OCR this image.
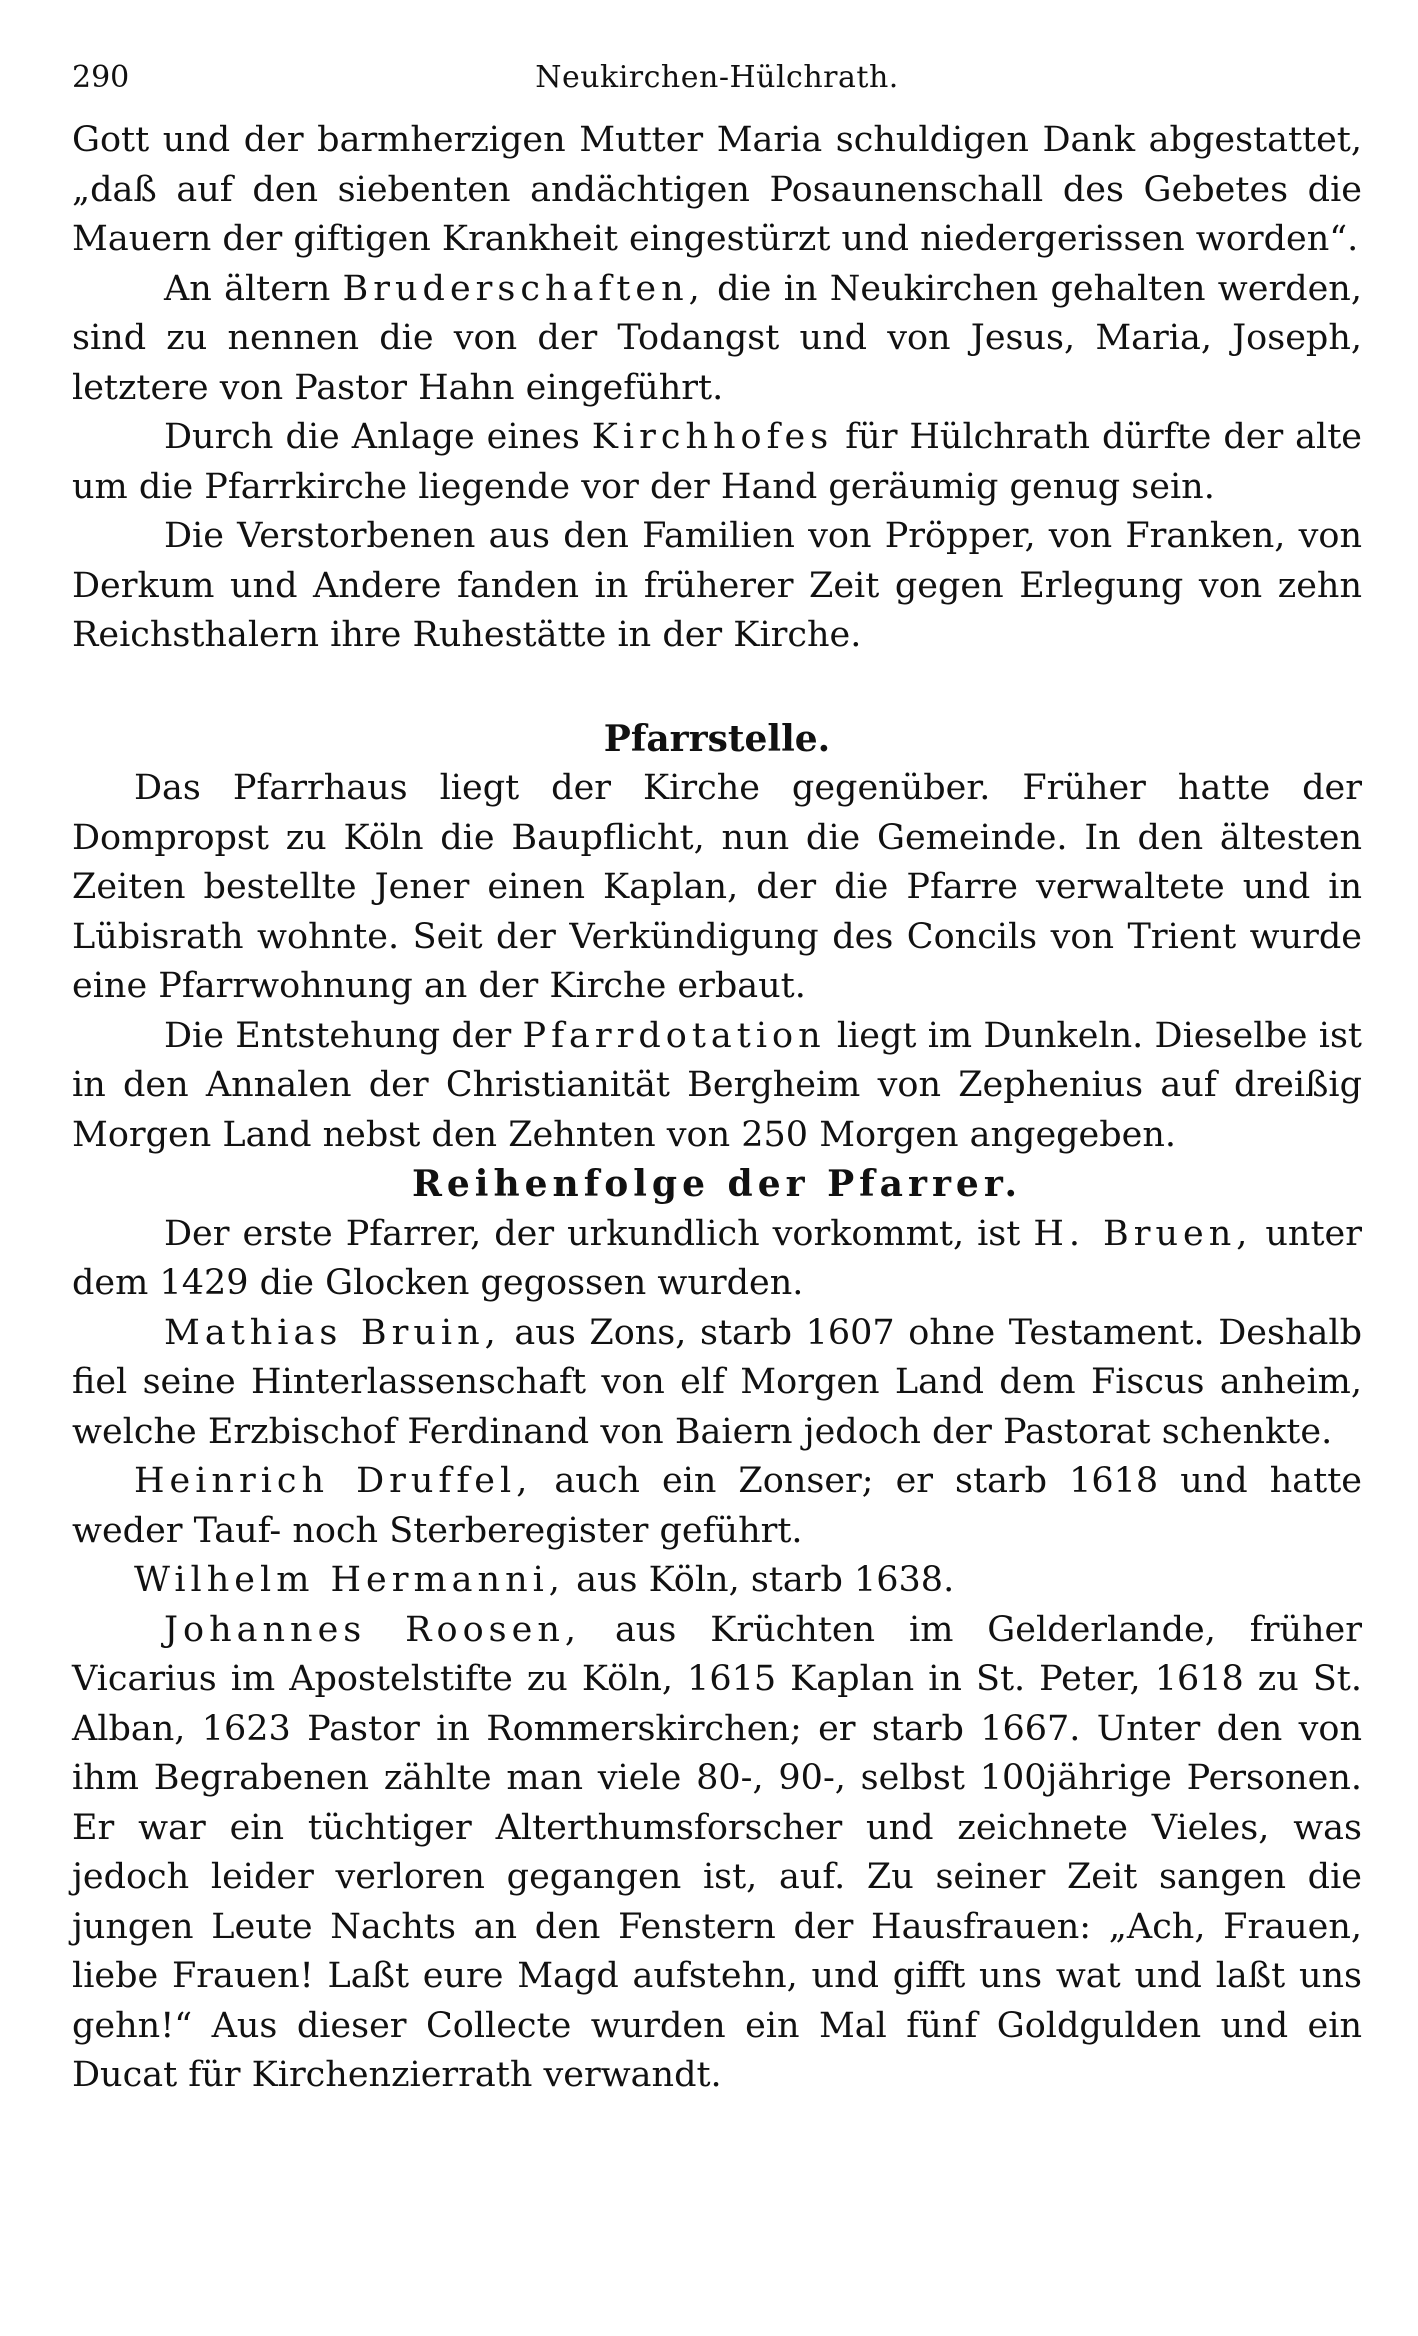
290	Neukirchen-Hülchrath.

Gott und der barmherzigen Mutter Maria schuldigen Dank abgestattet, „daß auf den siebenten andächtigen Posaunenschall des Gebetes die Mauern der giftigen Krankheit eingestürzt und niedergerissen worden“.

An ältern Bruderschaften, die in Neukirchen gehalten werden, sind zu nennen die von der Todangst und von Jesus, Maria, Joseph, letztere von Pastor Hahn eingeführt.

Durch die Anlage eines Kirchhofes für Hülchrath dürfte der alte um die Pfarrkirche liegende vor der Hand geräumig genug sein.

Die Verstorbenen aus den Familien von Pröpper, von Franken, von Derkum und Andere fanden in früherer Zeit gegen Erlegung von zehn Reichsthalern ihre Ruhestätte in der Kirche.

Pfarrstelle.

Das Pfarrhaus liegt der Kirche gegenüber. Früher hatte der Dompropst zu Köln die Baupflicht, nun die Gemeinde. In den ältesten Zeiten bestellte Jener einen Kaplan, der die Pfarre verwaltete und in Lübisrath wohnte. Seit der Verkündigung des Concils von Trient wurde eine Pfarrwohnung an der Kirche erbaut.

Die Entstehung der Pfarrdotation liegt im Dunkeln. Dieselbe ist in den Annalen der Christianität Bergheim von Zephenius auf dreißig Morgen Land nebst den Zehnten von 250 Morgen angegeben.

Reihenfolge der Pfarrer.

Der erste Pfarrer, der urkundlich vorkommt, ist H. Bruen, unter dem 1429 die Glocken gegossen wurden.

Mathias Bruin, aus Zons, starb 1607 ohne Testament. Deshalb fiel seine Hinterlassenschaft von elf Morgen Land dem Fiscus anheim, welche Erzbischof Ferdinand von Baiern jedoch der Pastorat schenkte.

Heinrich Druffel, auch ein Zonser; er starb 1618 und hatte weder Tauf- noch Sterberegister geführt.

Wilhelm Hermanni, aus Köln, starb 1638.

Johannes Roosen, aus Krüchten im Gelderlande, früher Vicarius im Apostelstifte zu Köln, 1615 Kaplan in St. Peter, 1618 zu St. Alban, 1623 Pastor in Rommerskirchen; er starb 1667. Unter den von ihm Begrabenen zählte man viele 80-, 90-, selbst 100jährige Personen. Er war ein tüchtiger Alterthumsforscher und zeichnete Vieles, was jedoch leider verloren gegangen ist, auf. Zu seiner Zeit sangen die jungen Leute Nachts an den Fenstern der Hausfrauen: „Ach, Frauen, liebe Frauen! Laßt eure Magd aufstehn, und gifft uns wat und laßt uns gehn!“ Aus dieser Collecte wurden ein Mal fünf Goldgulden und ein Ducat für Kirchenzierrath verwandt.
